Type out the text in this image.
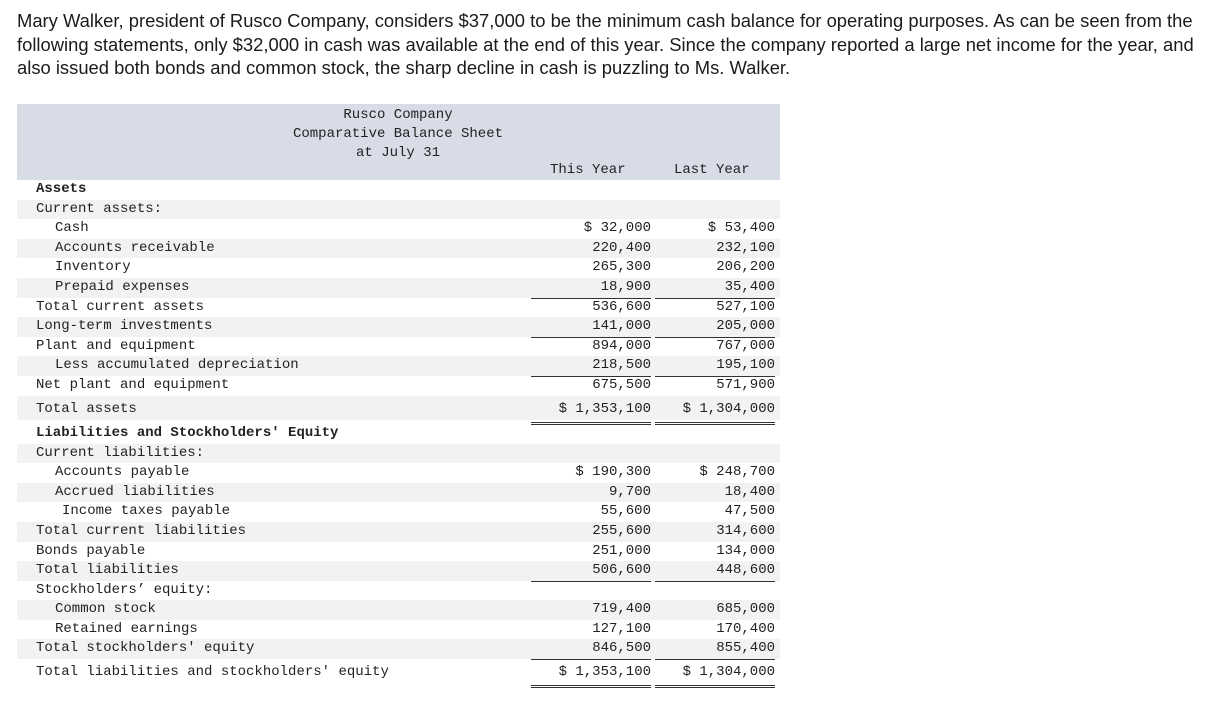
Mary Walker, president of Rusco Company, considers $37,000 to be the minimum cash balance for operating purposes. As can be seen from the following statements, only $32,000 in cash was available at the end of this year. Since the company reported a large net income for the year, and also issued both bonds and common stock, the sharp decline in cash is puzzling to Ms. Walker.
Rusco Company
Comparative Balance Sheet
at July 31
This Year	Last Year
Assets
Current assets:
Cash	$ 32,000	$ 53,400
Accounts receivable	220,400	232,100
Inventory	265,300	206,200
Prepaid expenses	18,900	35,400
Total current assets	536,600	527,100
Long-term investments	141,000	205,000
Plant and equipment	894,000	767,000
Less accumulated depreciation	218,500	195,100
Net plant and equipment	675,500	571,900
Total assets	$ 1,353,100	$ 1,304,000
Liabilities and Stockholders' Equity
Current liabilities:
Accounts payable	$ 190,300	$ 248,700
Accrued liabilities	9,700	18,400
Income taxes payable	55,600	47,500
Total current liabilities	255,600	314,600
Bonds payable	251,000	134,000
Total liabilities	506,600	448,600
Stockholders’ equity:
Common stock	719,400	685,000
Retained earnings	127,100	170,400
Total stockholders' equity	846,500	855,400
Total liabilities and stockholders' equity	$ 1,353,100	$ 1,304,000
